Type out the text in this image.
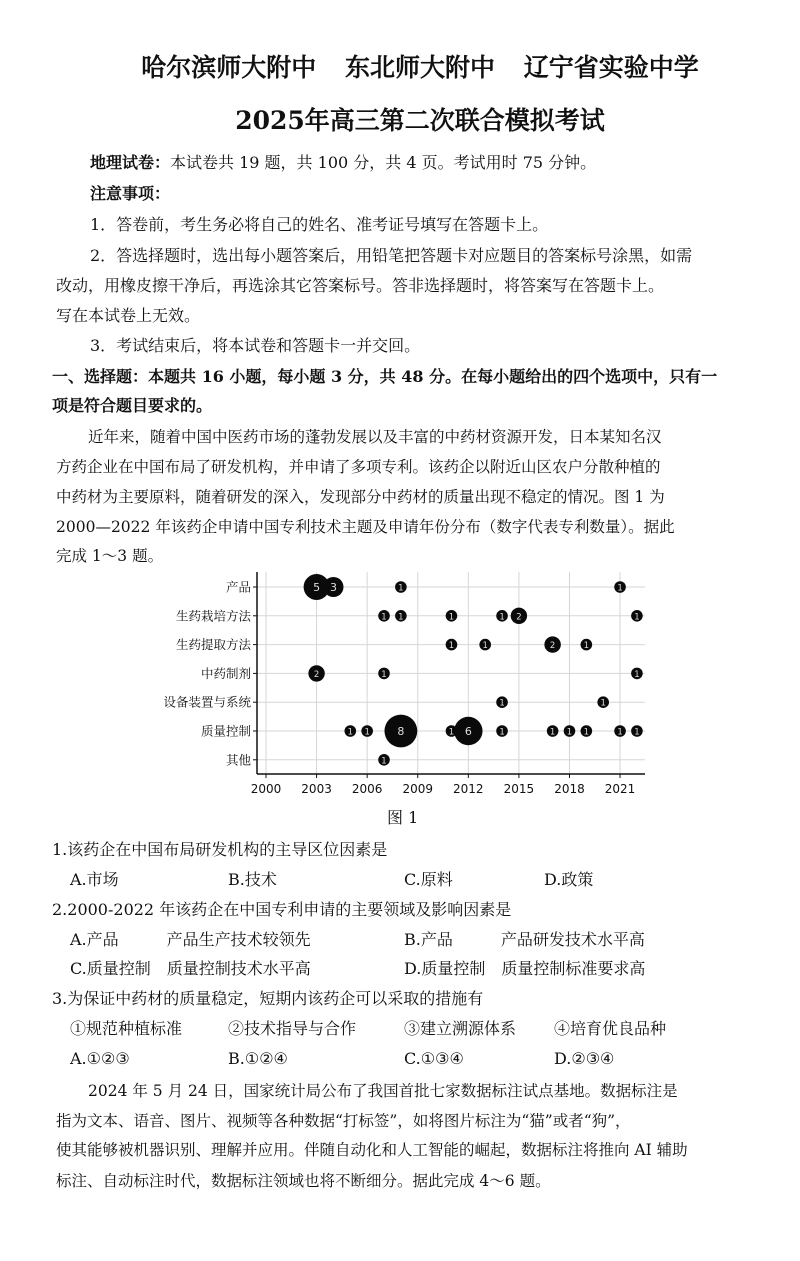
哈尔滨师大附中 东北师大附中 辽宁省实验中学
2025年高三第二次联合模拟考试
地理试卷：本试卷共 19 题，共 100 分，共 4 页。考试用时 75 分钟。
注意事项：
1．答卷前，考生务必将自己的姓名、准考证号填写在答题卡上。
2．答选择题时，选出每小题答案后，用铅笔把答题卡对应题目的答案标号涂黑，如需
改动，用橡皮擦干净后，再选涂其它答案标号。答非选择题时，将答案写在答题卡上。
写在本试卷上无效。
3．考试结束后，将本试卷和答题卡一并交回。
一、选择题：本题共 16 小题，每小题 3 分，共 48 分。在每小题给出的四个选项中，只有一
项是符合题目要求的。
近年来，随着中国中医药市场的蓬勃发展以及丰富的中药材资源开发，日本某知名汉
方药企业在中国布局了研发机构，并申请了多项专利。该药企以附近山区农户分散种植的
中药材为主要原料，随着研发的深入，发现部分中药材的质量出现不稳定的情况。图 1 为
2000—2022 年该药企申请中国专利技术主题及申请年份分布（数字代表专利数量）。据此
完成 1～3 题。
2000 2003 2006 2009 2012 2015 2018 2021
产品
生药栽培方法
生药提取方法
中药制剂
设备装置与系统
质量控制
其他
5 3	1	1
1 1	1	1 2	1
1	1	2	1
2	1	1
1	1
1 1	8	1 6	1	1 1 1	1 1
1
图 1
1.该药企在中国布局研发机构的主导区位因素是
A.市场	B.技术	C.原料	D.政策
2.2000-2022 年该药企在中国专利申请的主要领域及影响因素是
A.产品　　　产品生产技术较领先	B.产品　　　产品研发技术水平高
C.质量控制　质量控制技术水平高	D.质量控制　质量控制标准要求高
3.为保证中药材的质量稳定，短期内该药企可以采取的措施有
①规范种植标准	②技术指导与合作	③建立溯源体系 ④培育优良品种
A.①②③	B.①②④	C.①③④	D.②③④
2024 年 5 月 24 日，国家统计局公布了我国首批七家数据标注试点基地。数据标注是
指为文本、语音、图片、视频等各种数据“打标签”，如将图片标注为“猫”或者“狗”，
使其能够被机器识别、理解并应用。伴随自动化和人工智能的崛起，数据标注将推向 AI 辅助
标注、自动标注时代，数据标注领域也将不断细分。据此完成 4～6 题。
